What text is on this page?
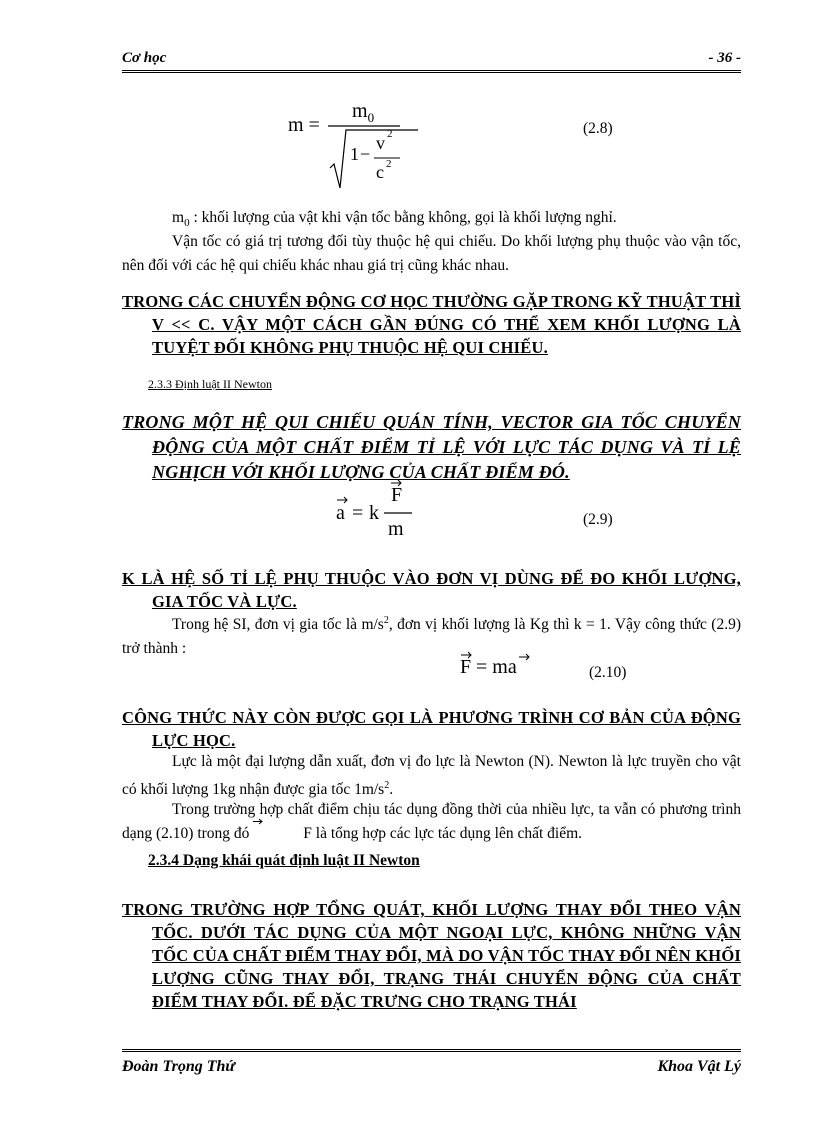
Cơ học	- 36 -
m =
$m_0$
1 −
v 2
c 2
(2.8)
$m_0$ : khối lượng của vật khi vận tốc bằng không, gọi là khối lượng nghỉ.
Vận tốc có giá trị tương đối tùy thuộc hệ qui chiếu. Do khối lượng phụ thuộc vào vận tốc, nên đối với các hệ qui chiếu khác nhau giá trị cũng khác nhau.
TRONG CÁC CHUYỂN ĐỘNG CƠ HỌC THƯỜNG GẶP TRONG KỸ THUẬT THÌ V << C. VẬY MỘT CÁCH GẦN ĐÚNG CÓ THỂ XEM KHỐI LƯỢNG LÀ TUYỆT ĐỐI KHÔNG PHỤ THUỘC HỆ QUI CHIẾU.
2.3.3 Định luật II Newton
TRONG MỘT HỆ QUI CHIẾU QUÁN TÍNH, VECTOR GIA TỐC CHUYỂN ĐỘNG CỦA MỘT CHẤT ĐIỂM TỈ LỆ VỚI LỰC TÁC DỤNG VÀ TỈ LỆ NGHỊCH VỚI KHỐI LƯỢNG CỦA CHẤT ĐIỂM ĐÓ.
a = k
F
m	(2.9)
K LÀ HỆ SỐ TỈ LỆ PHỤ THUỘC VÀO ĐƠN VỊ DÙNG ĐỂ ĐO KHỐI LƯỢNG, GIA TỐC VÀ LỰC.
Trong hệ SI, đơn vị gia tốc là $m/s^2$, đơn vị khối lượng là Kg thì k = 1. Vậy công thức (2.9) trở thành :
F = ma	(2.10)
CÔNG THỨC NÀY CÒN ĐƯỢC GỌI LÀ PHƯƠNG TRÌNH CƠ BẢN CỦA ĐỘNG LỰC HỌC.
Lực là một đại lượng dẫn xuất, đơn vị đo lực là Newton (N). Newton là lực truyền cho vật có khối lượng 1kg nhận được gia tốc $1m/s^2$.
Trong trường hợp chất điểm chịu tác dụng đồng thời của nhiều lực, ta vẫn có phương trình dạng (2.10) trong đó	F
là tổng hợp các lực tác dụng lên chất điểm.
2.3.4 Dạng khái quát định luật II Newton
TRONG TRƯỜNG HỢP TỔNG QUÁT, KHỐI LƯỢNG THAY ĐỔI THEO VẬN TỐC. DƯỚI TÁC DỤNG CỦA MỘT NGOẠI LỰC, KHÔNG NHỮNG VẬN TỐC CỦA CHẤT ĐIỂM THAY ĐỔI, MÀ DO VẬN TỐC THAY ĐỔI NÊN KHỐI LƯỢNG CŨNG THAY ĐỔI, TRẠNG THÁI CHUYỂN ĐỘNG CỦA CHẤT ĐIỂM THAY ĐỔI. ĐỂ ĐẶC TRƯNG CHO TRẠNG THÁI
Đoàn Trọng Thứ	Khoa Vật Lý
